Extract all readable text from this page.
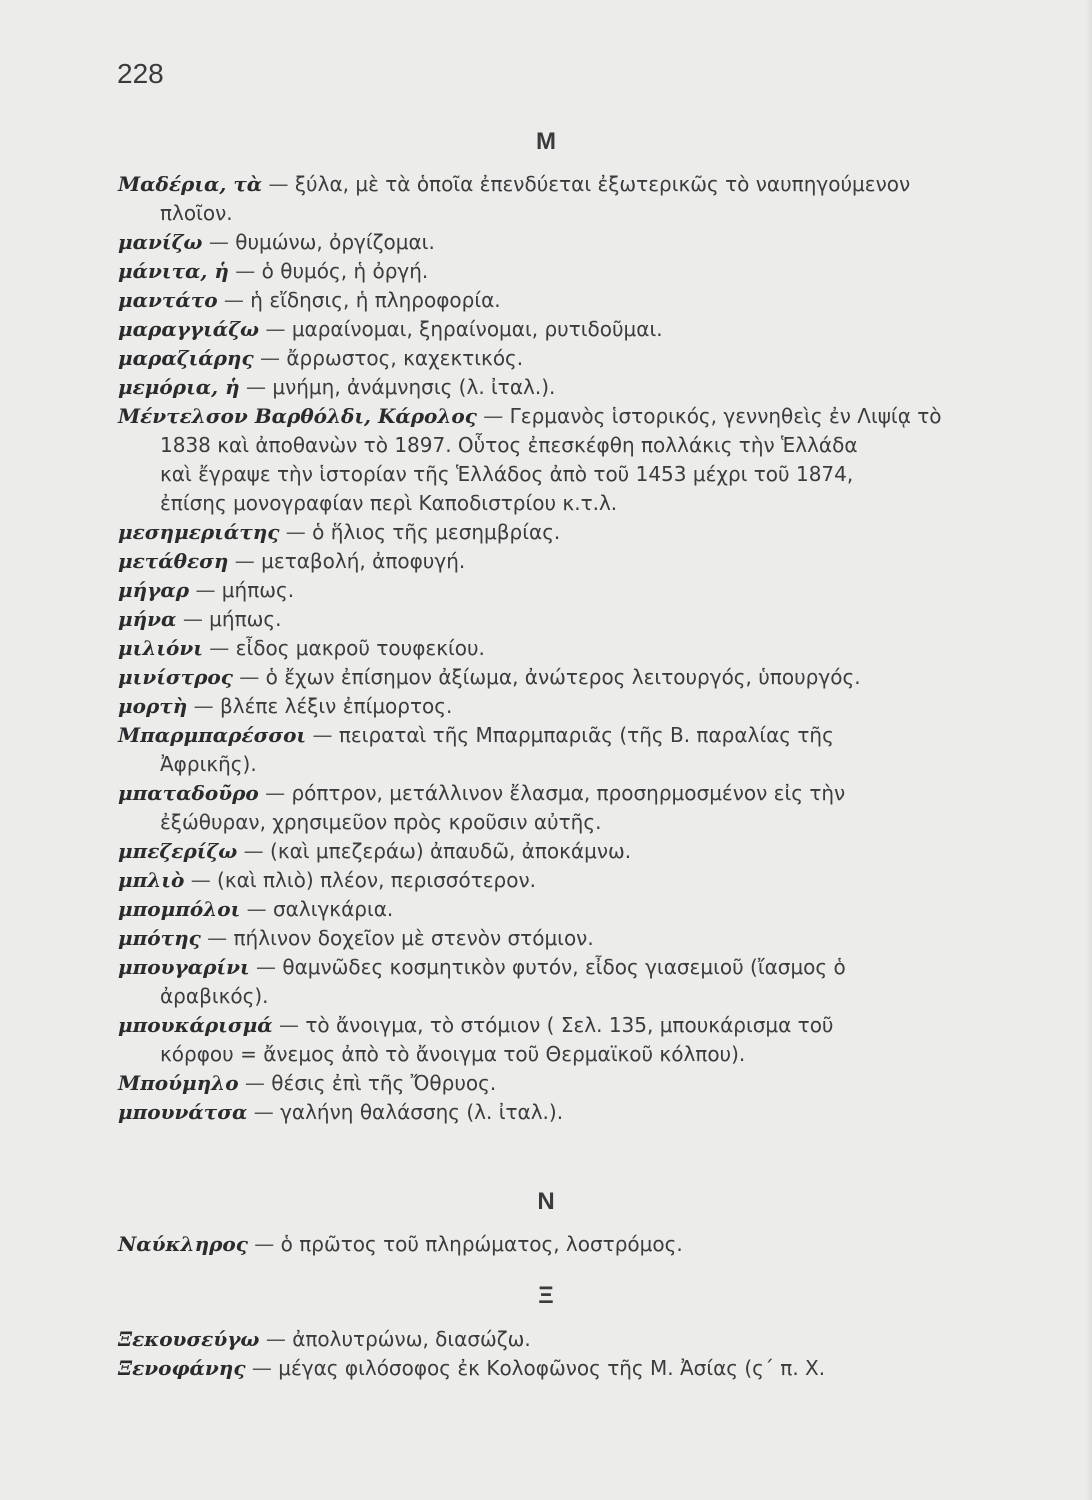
228
M
Μαδέρια, τὰ — ξύλα, μὲ τὰ ὁποῖα ἐπενδύεται ἐξωτερικῶς τὸ ναυπηγούμενον
πλοῖον.
μανίζω — θυμώνω, ὀργίζομαι.
μάνιτα, ἡ — ὁ θυμός, ἡ ὀργή.
μαντάτο — ἡ εἴδησις, ἡ πληροφορία.
μαραγγιάζω — μαραίνομαι, ξηραίνομαι, ρυτιδοῦμαι.
μαραζιάρης — ἄρρωστος, καχεκτικός.
μεμόρια, ἡ — μνήμη, ἀνάμνησις (λ. ἰταλ.).
Μέντελσον Βαρθόλδι, Κάρολος — Γερμανὸς ἱστορικός, γεννηθεὶς ἐν Λιψίᾳ τὸ
1838 καὶ ἀποθανὼν τὸ 1897. Οὗτος ἐπεσκέφθη πολλάκις τὴν Ἑλλάδα
καὶ ἔγραψε τὴν ἱστορίαν τῆς Ἑλλάδος ἀπὸ τοῦ 1453 μέχρι τοῦ 1874,
ἐπίσης μονογραφίαν περὶ Καποδιστρίου κ.τ.λ.
μεσημεριάτης — ὁ ἥλιος τῆς μεσημβρίας.
μετάθεση — μεταβολή, ἀποφυγή.
μήγαρ — μήπως.
μήνα — μήπως.
μιλιόνι — εἶδος μακροῦ τουφεκίου.
μινίστρος — ὁ ἔχων ἐπίσημον ἀξίωμα, ἀνώτερος λειτουργός, ὑπουργός.
μορτὴ — βλέπε λέξιν ἐπίμορτος.
Μπαρμπαρέσσοι — πειραταὶ τῆς Μπαρμπαριᾶς (τῆς Β. παραλίας τῆς
Ἀφρικῆς).
μπαταδοῦρο — ρόπτρον, μετάλλινον ἔλασμα, προσηρμοσμένον εἰς τὴν
ἐξώθυραν, χρησιμεῦον πρὸς κροῦσιν αὐτῆς.
μπεζερίζω — (καὶ μπεζεράω) ἀπαυδῶ, ἀποκάμνω.
μπλιὸ — (καὶ πλιὸ) πλέον, περισσότερον.
μπομπόλοι — σαλιγκάρια.
μπότης — πήλινον δοχεῖον μὲ στενὸν στόμιον.
μπουγαρίνι — θαμνῶδες κοσμητικὸν φυτόν, εἶδος γιασεμιοῦ (ἴασμος ὁ
ἀραβικός).
μπουκάρισμά — τὸ ἄνοιγμα, τὸ στόμιον ( Σελ. 135, μπουκάρισμα τοῦ
κόρφου = ἄνεμος ἀπὸ τὸ ἄνοιγμα τοῦ Θερμαϊκοῦ κόλπου).
Μπούμηλο — θέσις ἐπὶ τῆς Ὄθρυος.
μπουνάτσα — γαλήνη θαλάσσης (λ. ἰταλ.).
N
Ναύκληρος — ὁ πρῶτος τοῦ πληρώματος, λοστρόμος.
Ξ
Ξεκουσεύγω — ἀπολυτρώνω, διασώζω.
Ξενοφάνης — μέγας φιλόσοφος ἐκ Κολοφῶνος τῆς Μ. Ἀσίας (ς΄ π. Χ.
